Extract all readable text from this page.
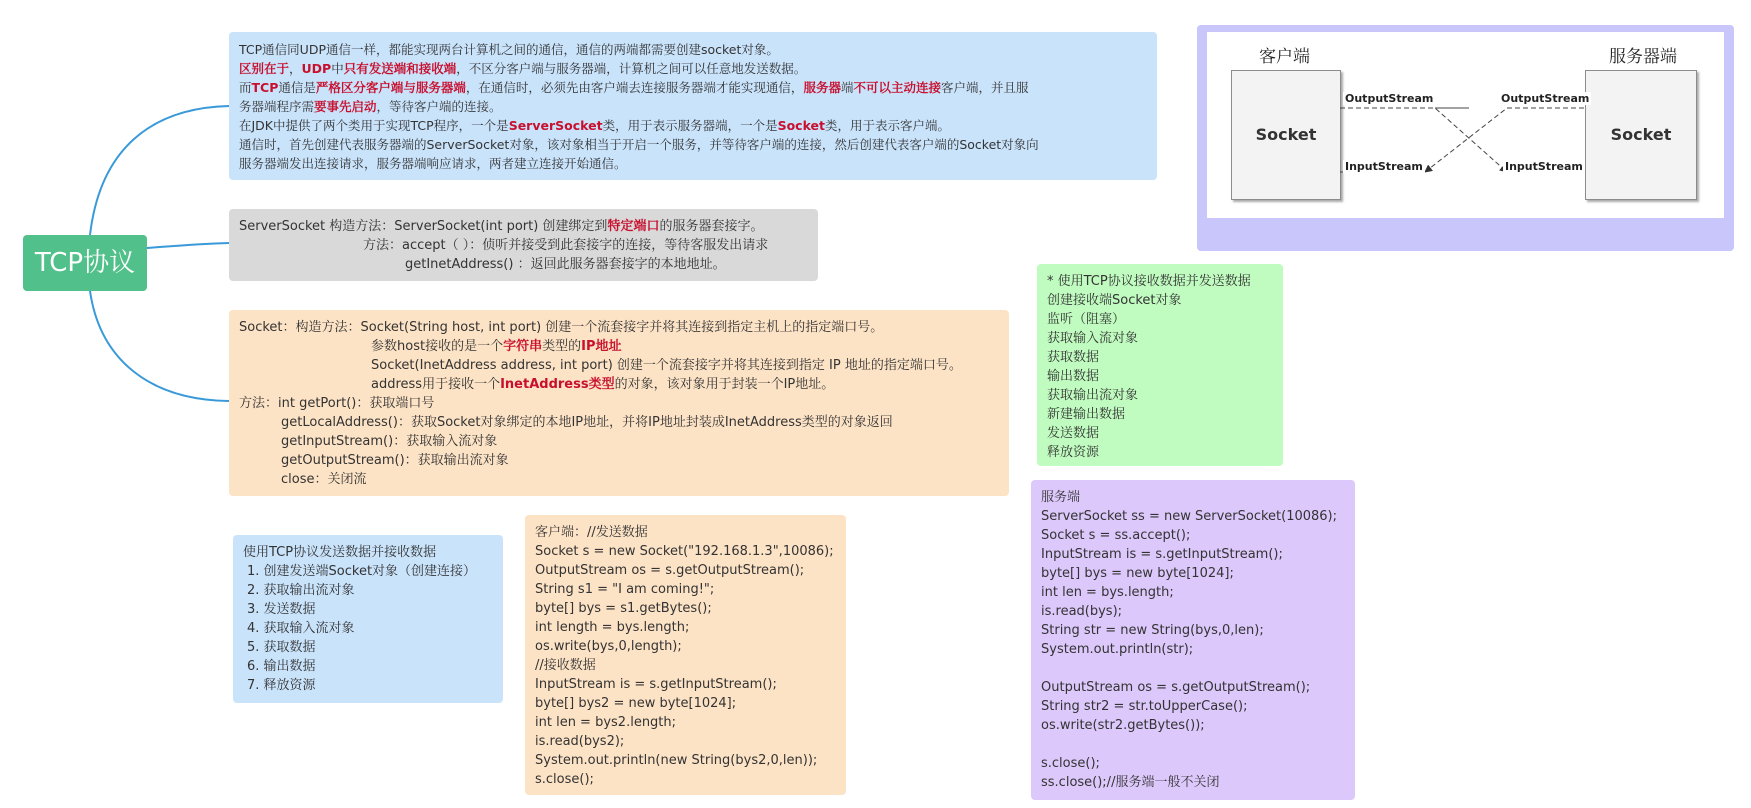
TCP协议
TCP通信同UDP通信一样，都能实现两台计算机之间的通信，通信的两端都需要创建socket对象。
区别在于，UDP中只有发送端和接收端，不区分客户端与服务器端，计算机之间可以任意地发送数据。
而TCP通信是严格区分客户端与服务器端，在通信时，必须先由客户端去连接服务器端才能实现通信，服务器端不可以主动连接客户端，并且服
务器端程序需要事先启动，等待客户端的连接。
在JDK中提供了两个类用于实现TCP程序，一个是ServerSocket类，用于表示服务器端，一个是Socket类，用于表示客户端。
通信时，首先创建代表服务器端的ServerSocket对象，该对象相当于开启一个服务，并等待客户端的连接，然后创建代表客户端的Socket对象向
服务器端发出连接请求，服务器端响应请求，两者建立连接开始通信。
ServerSocket 构造方法：ServerSocket(int port) 创建绑定到特定端口的服务器套接字。
方法：accept（ ）：侦听并接受到此套接字的连接，等待客服发出请求
getInetAddress() ：返回此服务器套接字的本地地址。
Socket：构造方法：Socket(String host, int port) 创建一个流套接字并将其连接到指定主机上的指定端口号。
参数host接收的是一个字符串类型的IP地址
Socket(InetAddress address, int port) 创建一个流套接字并将其连接到指定 IP 地址的指定端口号。
address用于接收一个InetAddress类型的对象，该对象用于封装一个IP地址。
方法：int getPort()：获取端口号
getLocalAddress()：获取Socket对象绑定的本地IP地址，并将IP地址封装成InetAddress类型的对象返回
getInputStream()：获取输入流对象
getOutputStream()：获取输出流对象
close：关闭流
使用TCP协议发送数据并接收数据
1. 创建发送端Socket对象（创建连接）
2. 获取输出流对象
3. 发送数据
4. 获取输入流对象
5. 获取数据
6. 输出数据
7. 释放资源
客户端：//发送数据
Socket s = new Socket("192.168.1.3",10086);
OutputStream os = s.getOutputStream();
String s1 = "I am coming!";
byte[] bys = s1.getBytes();
int length = bys.length;
os.write(bys,0,length);
//接收数据
InputStream is = s.getInputStream();
byte[] bys2 = new byte[1024];
int len = bys2.length;
is.read(bys2);
System.out.println(new String(bys2,0,len));
s.close();
* 使用TCP协议接收数据并发送数据
创建接收端Socket对象
监听（阻塞）
获取输入流对象
获取数据
输出数据
获取输出流对象
新建输出数据
发送数据
释放资源
服务端
ServerSocket ss = new ServerSocket(10086);
Socket s = ss.accept();
InputStream is = s.getInputStream();
byte[] bys = new byte[1024];
int len = bys.length;
is.read(bys);
String str = new String(bys,0,len);
System.out.println(str);
OutputStream os = s.getOutputStream();
String str2 = str.toUpperCase();
os.write(str2.getBytes());
s.close();
ss.close();//服务端一般不关闭
客户端	服务器端
Socket	Socket
OutputStream	OutputStream
InputStream	InputStream
